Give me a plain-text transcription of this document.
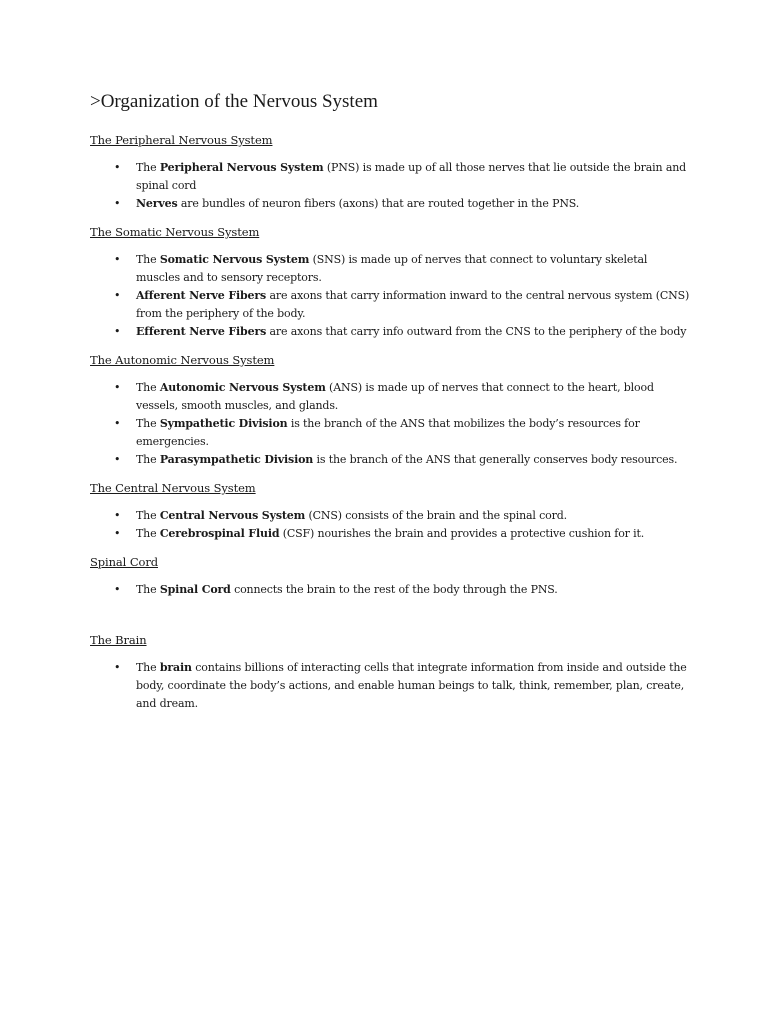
>Organization of the Nervous System
The Peripheral Nervous System
• The Peripheral Nervous System (PNS) is made up of all those nerves that lie outside the brain and spinal cord
• Nerves are bundles of neuron fibers (axons) that are routed together in the PNS.
The Somatic Nervous System
• The Somatic Nervous System (SNS) is made up of nerves that connect to voluntary skeletal muscles and to sensory receptors.
• Afferent Nerve Fibers are axons that carry information inward to the central nervous system (CNS) from the periphery of the body.
• Efferent Nerve Fibers are axons that carry info outward from the CNS to the periphery of the body
The Autonomic Nervous System
• The Autonomic Nervous System (ANS) is made up of nerves that connect to the heart, blood vessels, smooth muscles, and glands.
• The Sympathetic Division is the branch of the ANS that mobilizes the body’s resources for emergencies.
• The Parasympathetic Division is the branch of the ANS that generally conserves body resources.
The Central Nervous System
• The Central Nervous System (CNS) consists of the brain and the spinal cord.
• The Cerebrospinal Fluid (CSF) nourishes the brain and provides a protective cushion for it.
Spinal Cord
• The Spinal Cord connects the brain to the rest of the body through the PNS.
The Brain
• The brain contains billions of interacting cells that integrate information from inside and outside the body, coordinate the body’s actions, and enable human beings to talk, think, remember, plan, create, and dream.
